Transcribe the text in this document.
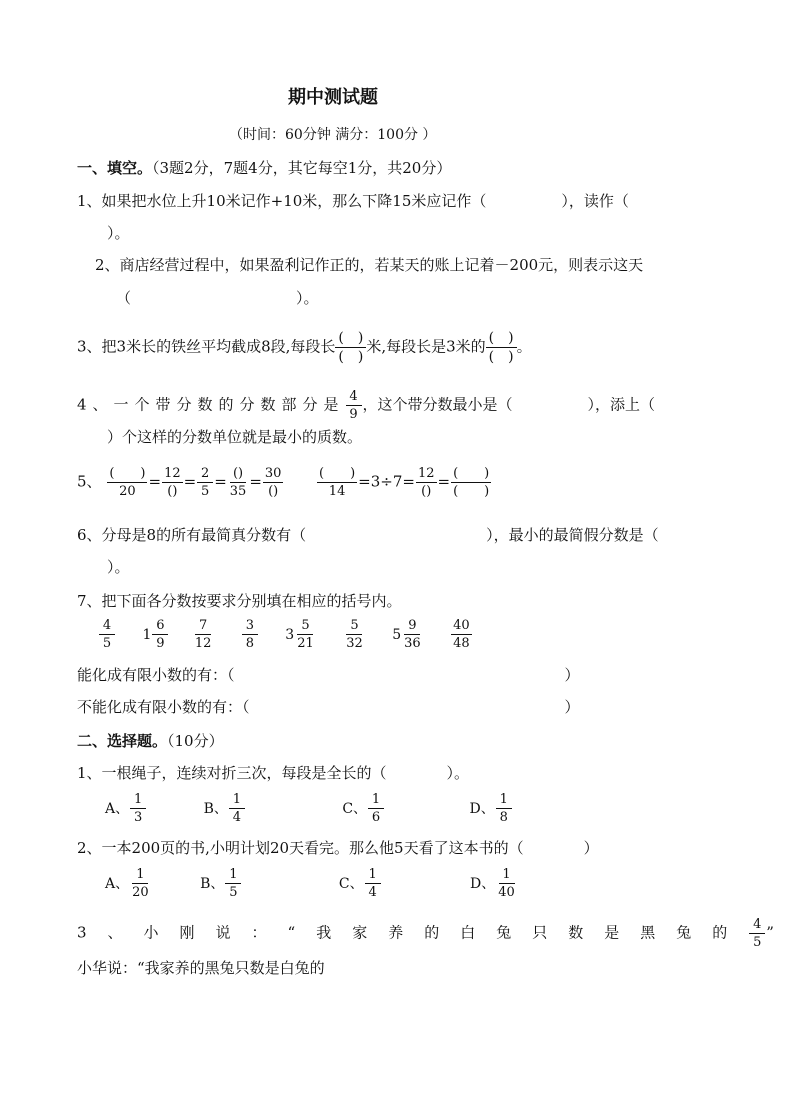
期中测试题
（时间：60分钟 满分：100分 ）
一、填空。（3题2分，7题4分，其它每空1分，共20分）
1、如果把水位上升10米记作+10米，那么下降15米应记作（　　　　　），读作（
）。
2、商店经营过程中，如果盈利记作正的，若某天的账上记着－200元，则表示这天
（　　　　　　　　　　　）。
3、把3米长的铁丝平均截成8段,每段长 $\frac{( )}{( )}$ 米,每段长是3米的 $\frac{( )}{( )}$ 。
4、一个带分数的分数部分是 $\frac{4}{9}$ ，这个带分数最小是（　　　　　），添上（
）个这样的分数单位就是最小的质数。
5、 $\frac{( )}{20} = \frac{12}{()} = \frac{2}{5} = \frac{()}{35} = \frac{30}{()}$
	$\frac{( )}{14} =3\div 7= \frac{12}{()} = \frac{( )}{( )}$
6、分母是8的所有最简真分数有（　　　　　　　　　　　　），最小的最简假分数是（
）。
7、把下面各分数按要求分别填在相应的括号内。
$\frac{4}{5}$
$1 \frac{6}{9}$
$\frac{7}{12}$
$\frac{3}{8}$
$3 \frac{5}{21}$
$\frac{5}{32}$
$5 \frac{9}{36}$
$\frac{40}{48}$
能化成有限小数的有：（　　　　　　　　　　　　　　　　　　　　　　）
不能化成有限小数的有：（　　　　　　　　　　　　　　　　　　　　　）
二、选择题。（10分）
1、一根绳子，连续对折三次，每段是全长的（　　　　）。
A、 $\frac{1}{3}$
	B、 $\frac{1}{4}$
	C、 $\frac{1}{6}$
	D、 $\frac{1}{8}$
2、一本200页的书,小明计划20天看完。那么他5天看了这本书的（　　　　）
A、 $\frac{1}{20}$
	B、 $\frac{1}{5}$
	C、 $\frac{1}{4}$
	D、 $\frac{1}{40}$
3、小刚说：“我家养的白兔只数是黑兔的 $\frac{4}{5}$ ”
小华说：“我家养的黑兔只数是白兔的
